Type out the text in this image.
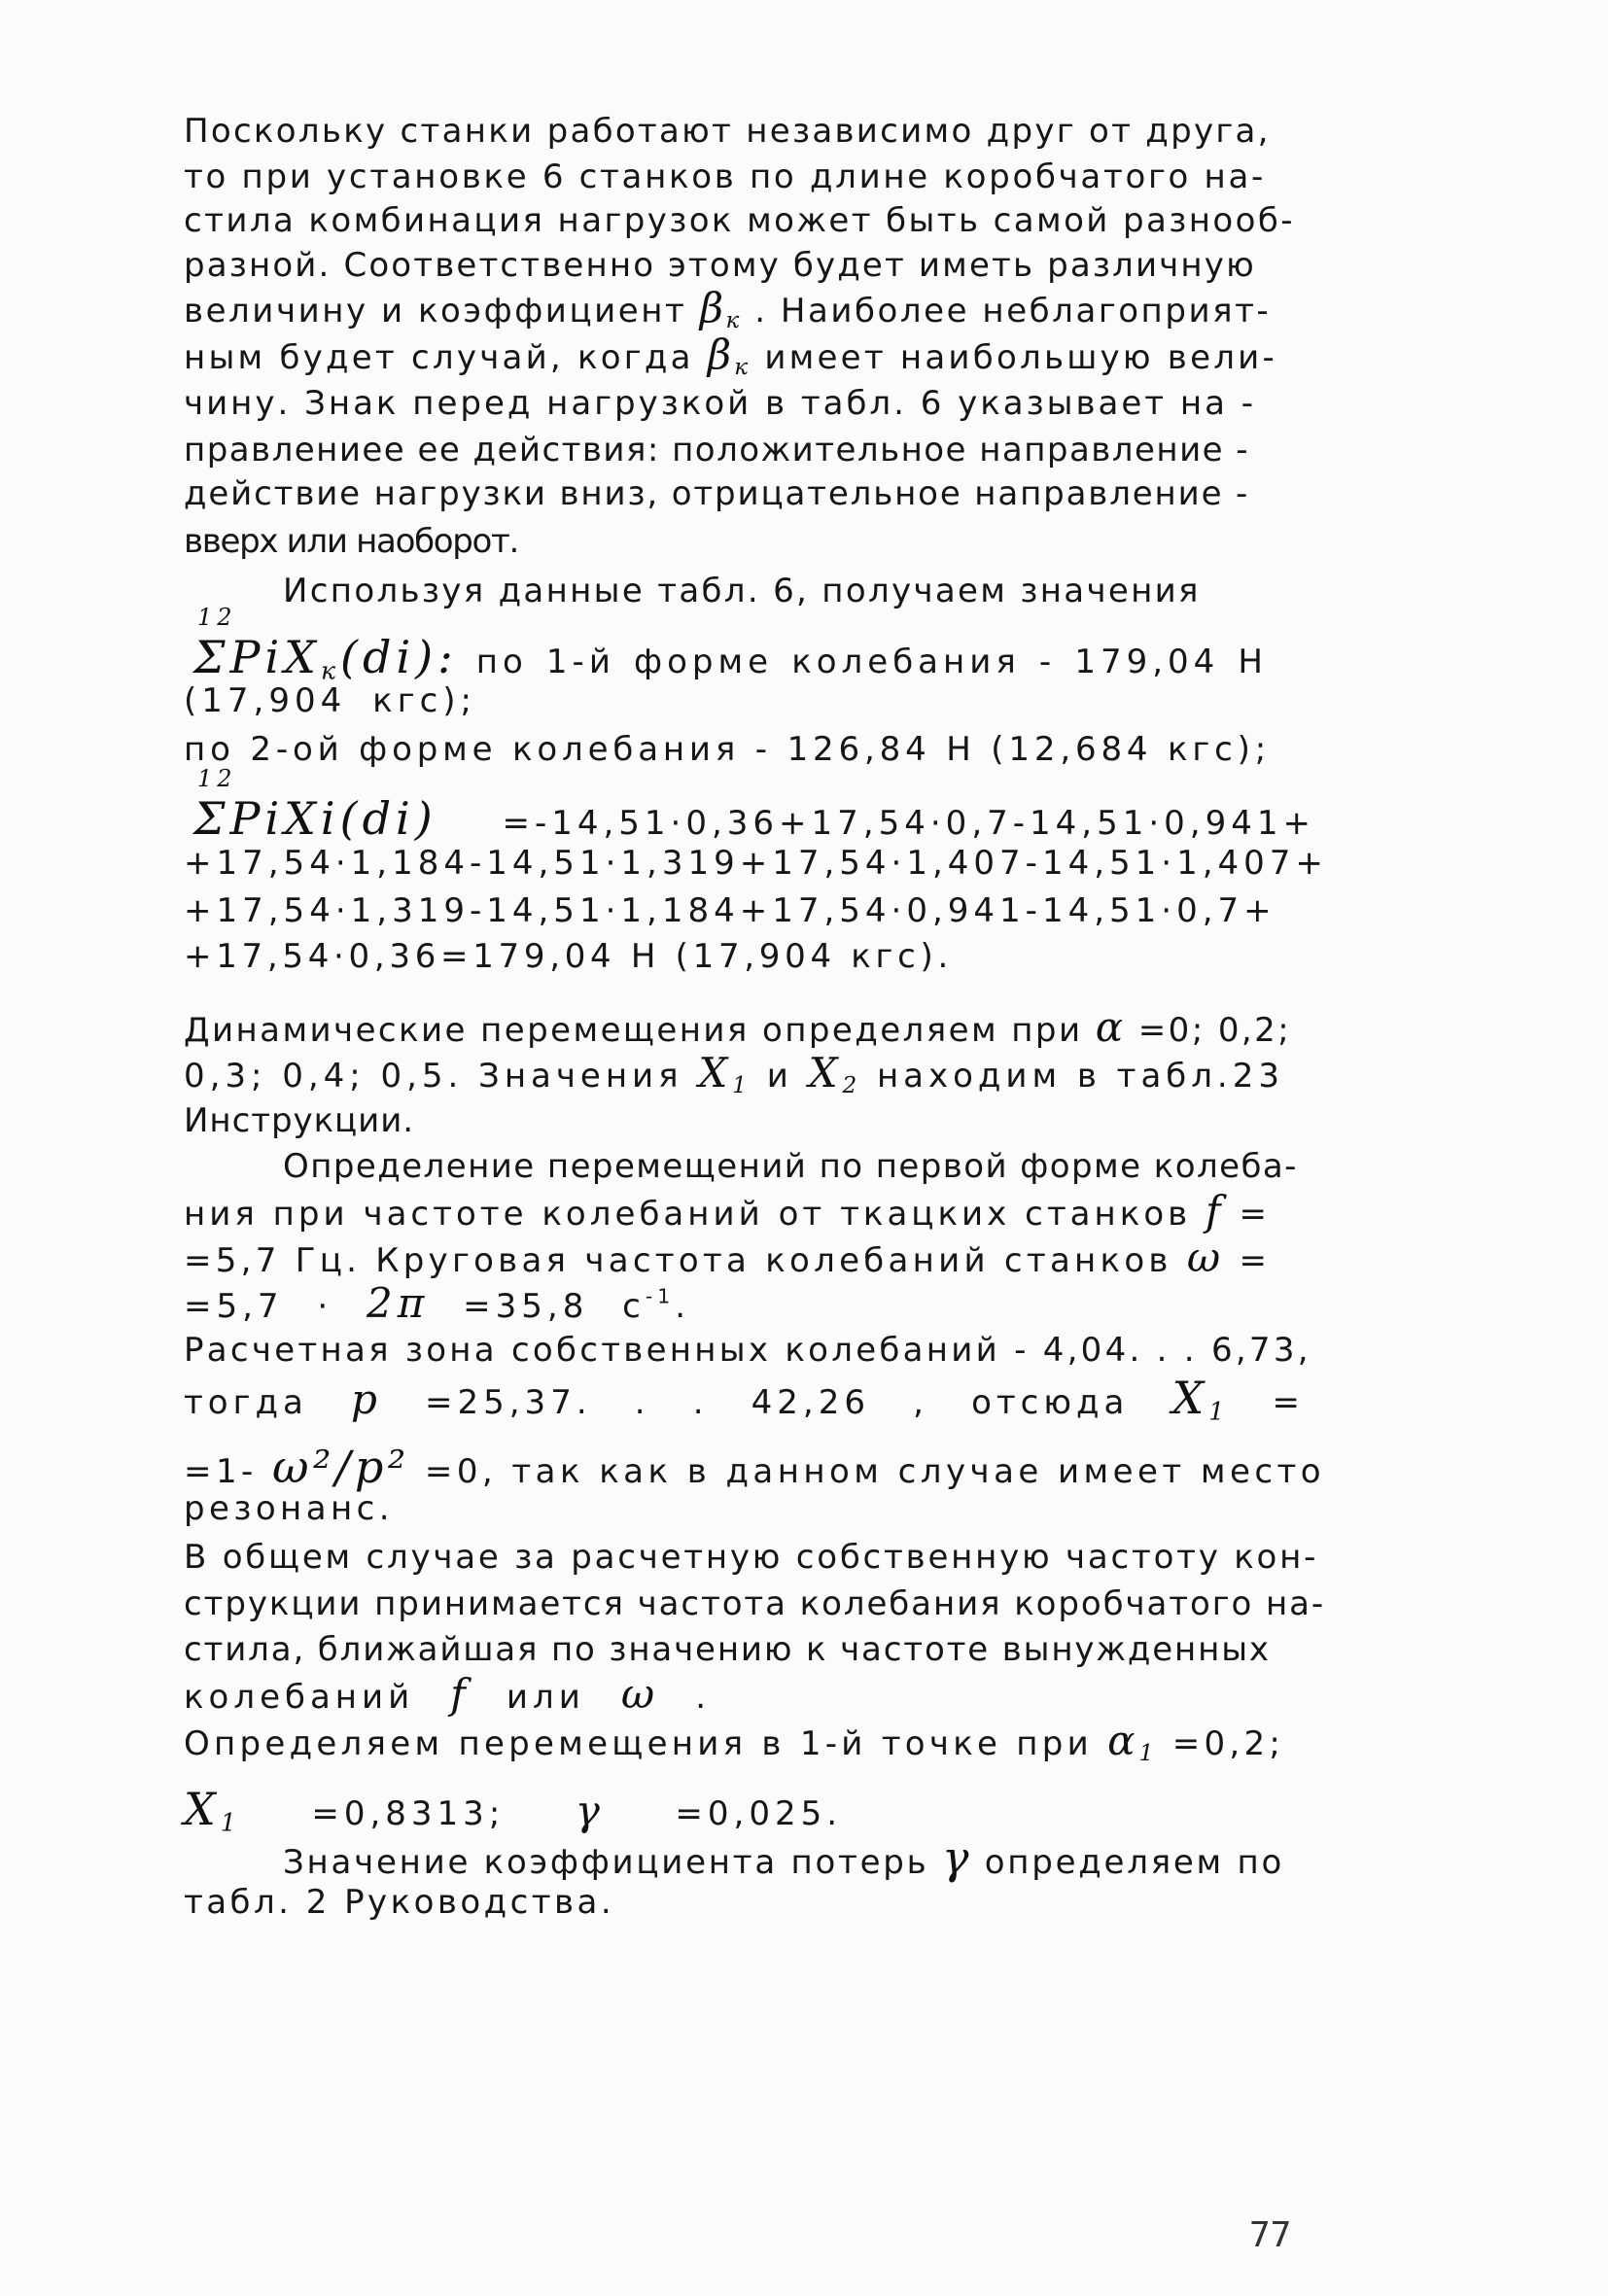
Поскольку станки работают независимо друг от друга,
то при установке 6 станков по длине коробчатого на-
стила комбинация нагрузок может быть самой разнооб-
разной. Соответственно этому будет иметь различную
величину и коэффициент βк . Наиболее неблагоприят-
ным будет случай, когда βк имеет наибольшую вели-
чину. Знак перед нагрузкой в табл. 6 указывает на -
правлениее ее действия: положительное направление -
действие нагрузки вниз, отрицательное направление -
вверх или наоборот.
Используя данные табл. 6, получаем значения
12
ΣPiXк(di): по 1-й форме колебания - 179,04 Н
(17,904 кгс);
по 2-ой форме колебания - 126,84 Н (12,684 кгс);
12
ΣPiXi(di) =-14,51·0,36+17,54·0,7-14,51·0,941+
+17,54·1,184-14,51·1,319+17,54·1,407-14,51·1,407+
+17,54·1,319-14,51·1,184+17,54·0,941-14,51·0,7+
+17,54·0,36=179,04 Н (17,904 кгс).
Динамические перемещения определяем при α =0; 0,2;
0,3; 0,4; 0,5. Значения X1 и X2 находим в табл.23
Инструкции.
Определение перемещений по первой форме колеба-
ния при частоте колебаний от ткацких станков f =
=5,7 Гц. Круговая частота колебаний станков ω =
=5,7 · 2π =35,8 $с^{-1}$.
Расчетная зона собственных колебаний - 4,04. . . 6,73,
тогда p =25,37. . . 42,26 , отсюда X1 =
=1- ω²/p² =0, так как в данном случае имеет место
резонанс.
В общем случае за расчетную собственную частоту кон-
струкции принимается частота колебания коробчатого на-
стила, ближайшая по значению к частоте вынужденных
колебаний f или ω .
Определяем перемещения в 1-й точке при α1 =0,2;
X1 =0,8313; γ =0,025.
Значение коэффициента потерь γ определяем по
табл. 2 Руководства.
77
